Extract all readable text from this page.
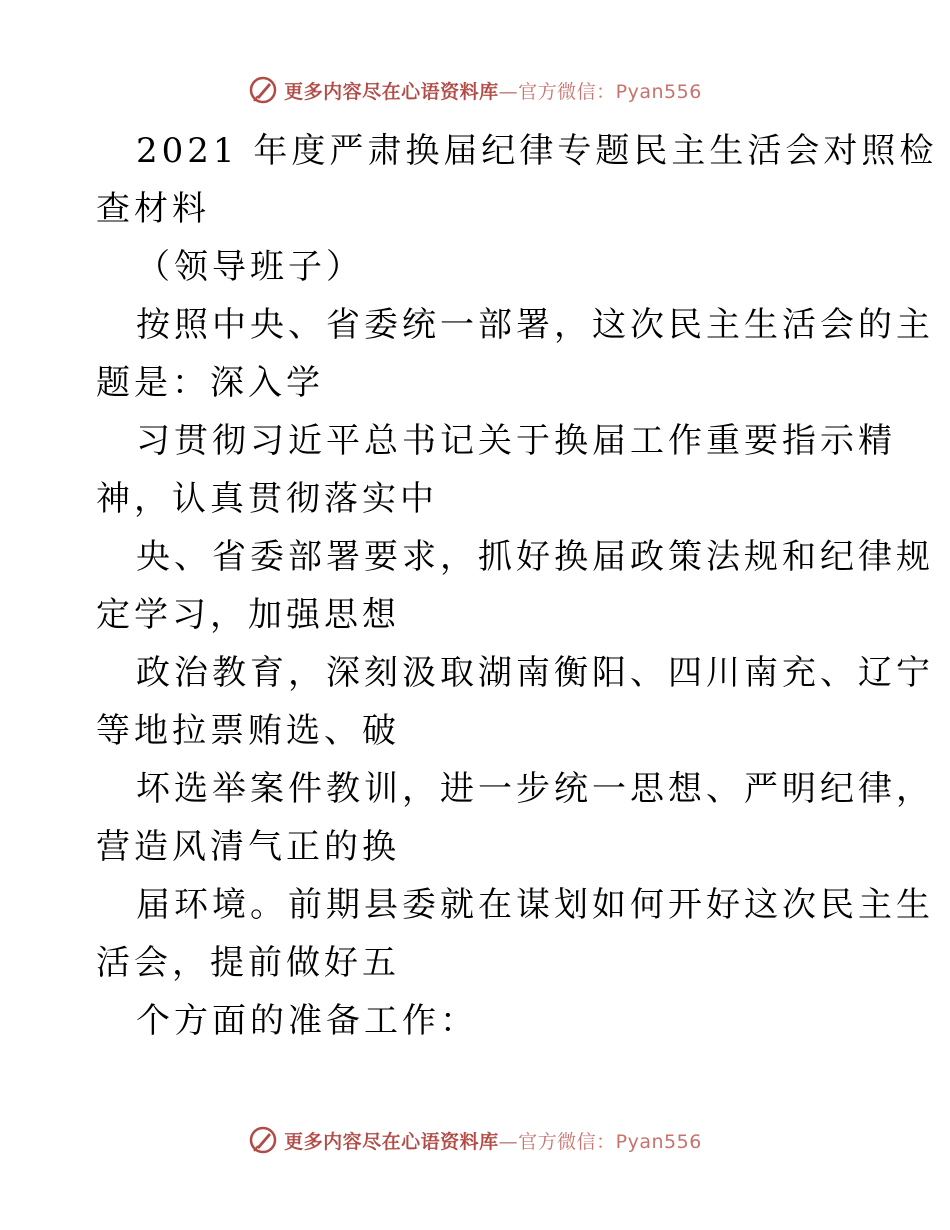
更多内容尽在心语资料库—官方微信：Pyan556
2021 年度严肃换届纪律专题民主生活会对照检
查材料
（领导班子）
按照中央、省委统一部署，这次民主生活会的主
题是：深入学
习贯彻习近平总书记关于换届工作重要指示精
神，认真贯彻落实中
央、省委部署要求，抓好换届政策法规和纪律规
定学习，加强思想
政治教育，深刻汲取湖南衡阳、四川南充、辽宁
等地拉票贿选、破
坏选举案件教训，进一步统一思想、严明纪律，
营造风清气正的换
届环境。前期县委就在谋划如何开好这次民主生
活会，提前做好五
个方面的准备工作：
更多内容尽在心语资料库—官方微信：Pyan556
